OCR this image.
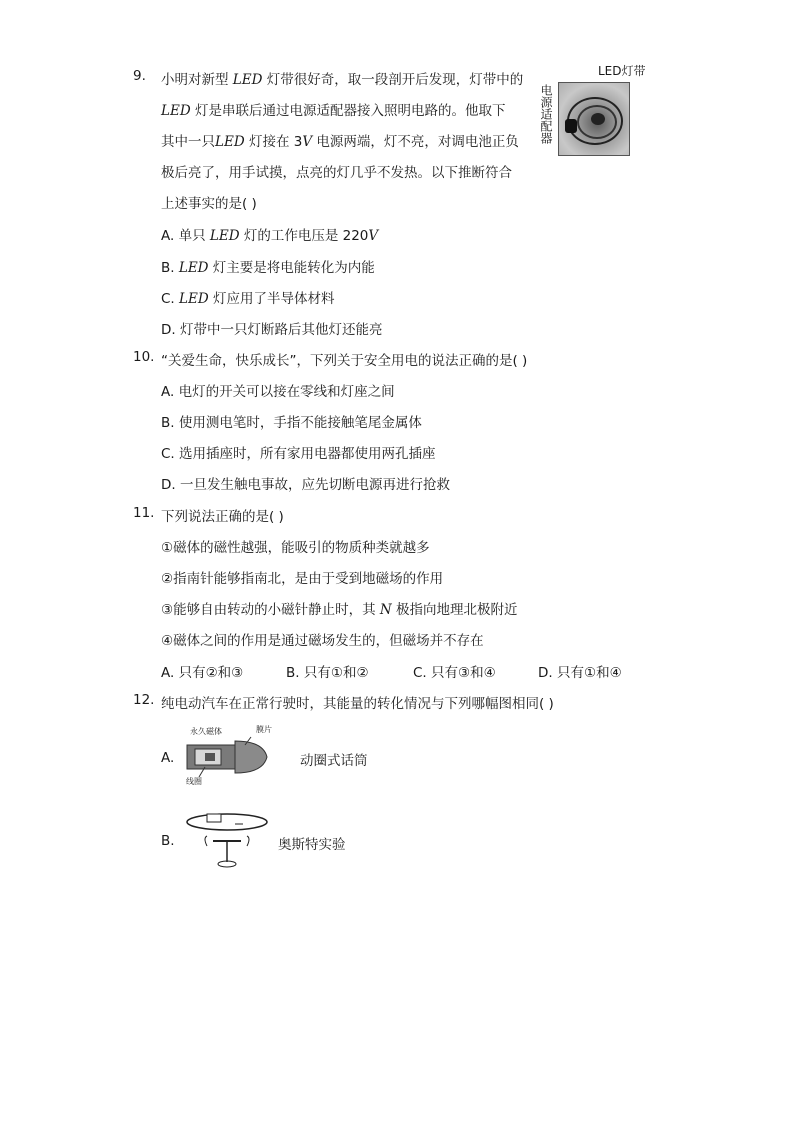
9. 小明对新型 LED 灯带很好奇，取一段剖开后发现，灯带中的
LED 灯是串联后通过电源适配器接入照明电路的。他取下
其中一只LED 灯接在 3V 电源两端，灯不亮，对调电池正负
极后亮了，用手试摸，点亮的灯几乎不发热。以下推断符合
上述事实的是( )
LED灯带
电源适配器
A. 单只 LED 灯的工作电压是 220V
B. LED 灯主要是将电能转化为内能
C. LED 灯应用了半导体材料
D. 灯带中一只灯断路后其他灯还能亮
10. “关爱生命，快乐成长”，下列关于安全用电的说法正确的是( )
A. 电灯的开关可以接在零线和灯座之间
B. 使用测电笔时，手指不能接触笔尾金属体
C. 选用插座时，所有家用电器都使用两孔插座
D. 一旦发生触电事故，应先切断电源再进行抢救
11. 下列说法正确的是( )
①磁体的磁性越强，能吸引的物质种类就越多
②指南针能够指南北，是由于受到地磁场的作用
③能够自由转动的小磁针静止时，其 N 极指向地理北极附近
④磁体之间的作用是通过磁场发生的，但磁场并不存在
A. 只有②和③	B. 只有①和②	C. 只有③和④	D. 只有①和④
12. 纯电动汽车在正常行驶时，其能量的转化情况与下列哪幅图相同( )
A.
永久磁体	膜片
线圈
动圈式话筒
B.	奥斯特实验
